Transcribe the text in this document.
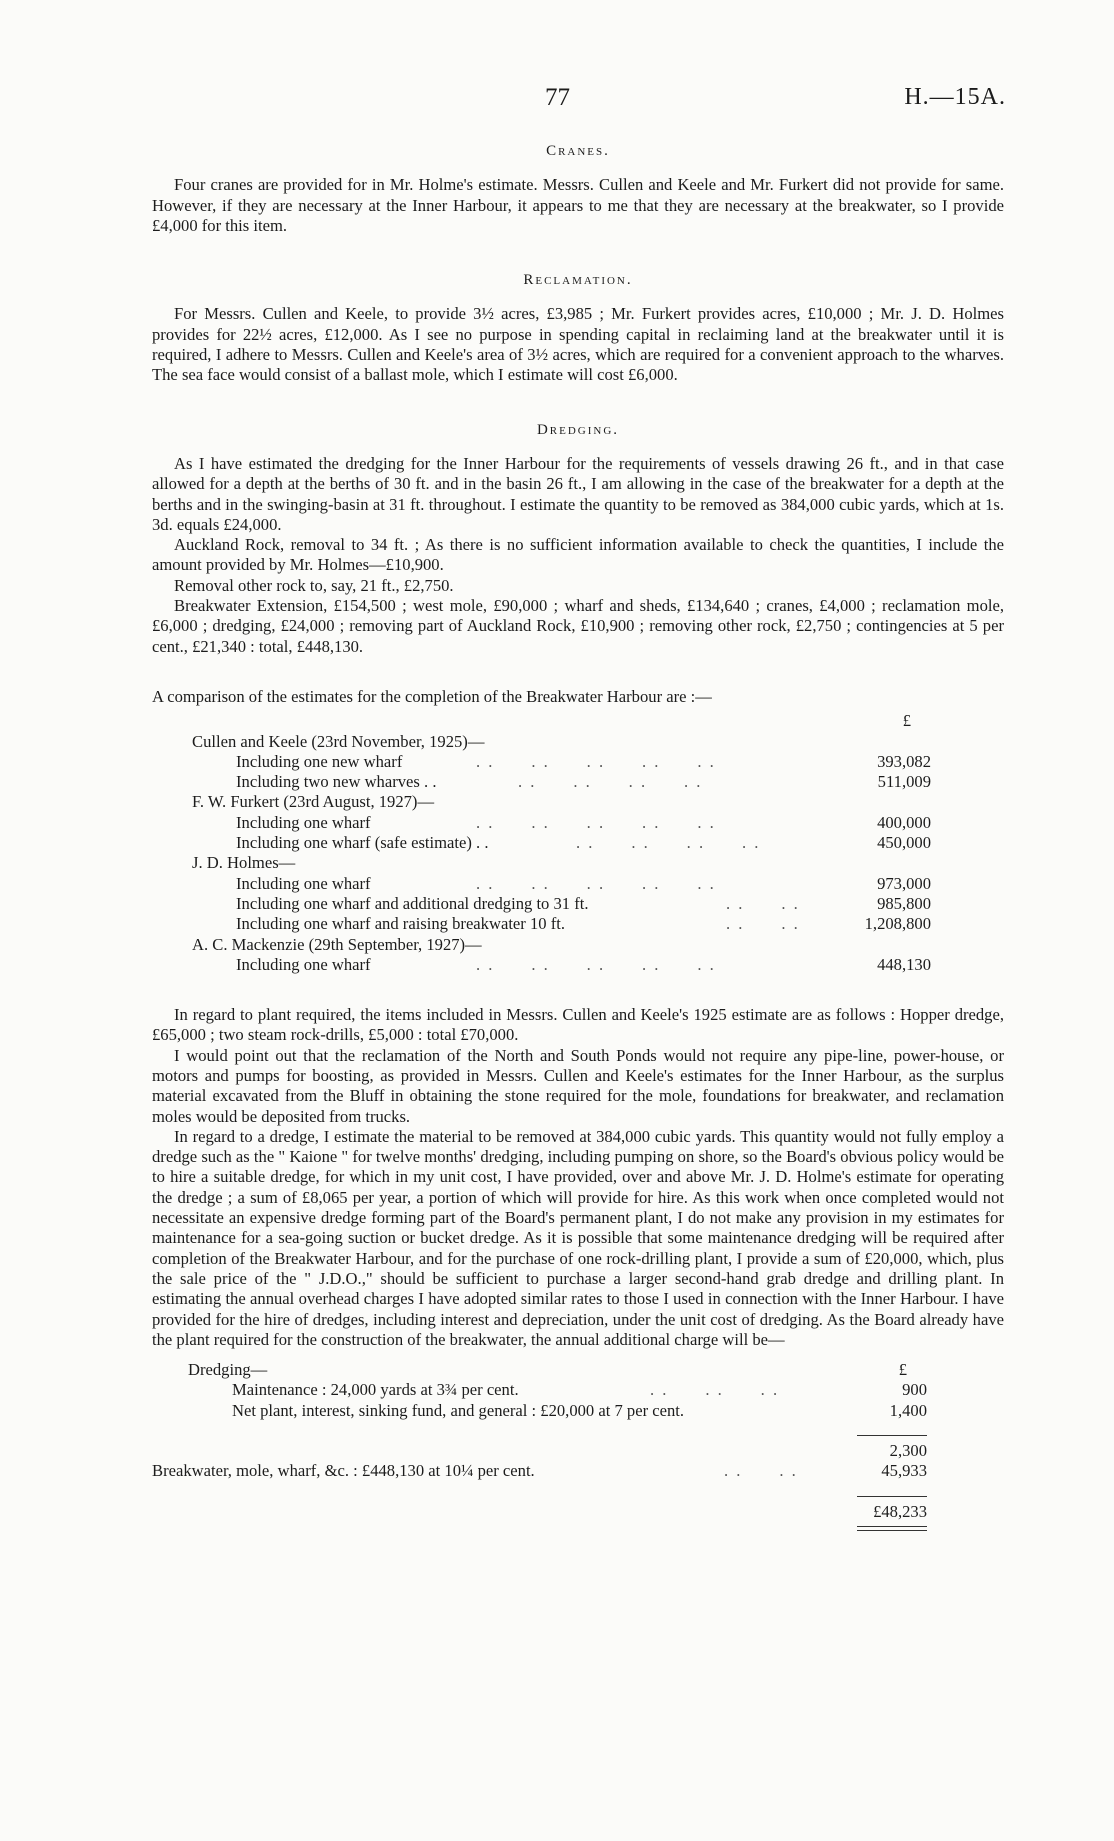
77	H.—15A.

Cranes.

Four cranes are provided for in Mr. Holme's estimate. Messrs. Cullen and Keele and Mr. Furkert did not provide for same. However, if they are necessary at the Inner Harbour, it appears to me that they are necessary at the breakwater, so I provide £4,000 for this item.

Reclamation.

For Messrs. Cullen and Keele, to provide 3½ acres, £3,985 ; Mr. Furkert provides acres, £10,000 ; Mr. J. D. Holmes provides for 22½ acres, £12,000. As I see no purpose in spending capital in reclaiming land at the breakwater until it is required, I adhere to Messrs. Cullen and Keele's area of 3½ acres, which are required for a convenient approach to the wharves. The sea face would consist of a ballast mole, which I estimate will cost £6,000.

Dredging.

As I have estimated the dredging for the Inner Harbour for the requirements of vessels drawing 26 ft., and in that case allowed for a depth at the berths of 30 ft. and in the basin 26 ft., I am allowing in the case of the breakwater for a depth at the berths and in the swinging-basin at 31 ft. throughout. I estimate the quantity to be removed as 384,000 cubic yards, which at 1s. 3d. equals £24,000.

Auckland Rock, removal to 34 ft. ; As there is no sufficient information available to check the quantities, I include the amount provided by Mr. Holmes—£10,900.

Removal other rock to, say, 21 ft., £2,750.

Breakwater Extension, £154,500 ; west mole, £90,000 ; wharf and sheds, £134,640 ; cranes, £4,000 ; reclamation mole, £6,000 ; dredging, £24,000 ; removing part of Auckland Rock, £10,900 ; removing other rock, £2,750 ; contingencies at 5 per cent., £21,340 : total, £448,130.

A comparison of the estimates for the completion of the Breakwater Harbour are :—

£
Cullen and Keele (23rd November, 1925)—
Including one new wharf	. .      . .      . .      . .      . .	393,082
Including two new wharves . .	. .      . .      . .      . .	511,009
F. W. Furkert (23rd August, 1927)—
Including one wharf	. .      . .      . .      . .      . .	400,000
Including one wharf (safe estimate) . .	. .      . .      . .      . .	450,000
J. D. Holmes—
Including one wharf	. .      . .      . .      . .      . .	973,000
Including one wharf and additional dredging to 31 ft.	. .      . .	985,800
Including one wharf and raising breakwater 10 ft.	. .      . .	1,208,800
A. C. Mackenzie (29th September, 1927)—
Including one wharf	. .      . .      . .      . .      . .	448,130

In regard to plant required, the items included in Messrs. Cullen and Keele's 1925 estimate are as follows : Hopper dredge, £65,000 ; two steam rock-drills, £5,000 : total £70,000.

I would point out that the reclamation of the North and South Ponds would not require any pipe-line, power-house, or motors and pumps for boosting, as provided in Messrs. Cullen and Keele's estimates for the Inner Harbour, as the surplus material excavated from the Bluff in obtaining the stone required for the mole, foundations for breakwater, and reclamation moles would be deposited from trucks.

In regard to a dredge, I estimate the material to be removed at 384,000 cubic yards. This quantity would not fully employ a dredge such as the " Kaione " for twelve months' dredging, including pumping on shore, so the Board's obvious policy would be to hire a suitable dredge, for which in my unit cost, I have provided, over and above Mr. J. D. Holme's estimate for operating the dredge ; a sum of £8,065 per year, a portion of which will provide for hire. As this work when once completed would not necessitate an expensive dredge forming part of the Board's permanent plant, I do not make any provision in my estimates for maintenance for a sea-going suction or bucket dredge. As it is possible that some maintenance dredging will be required after completion of the Breakwater Harbour, and for the purchase of one rock-drilling plant, I provide a sum of £20,000, which, plus the sale price of the " J.D.O.," should be sufficient to purchase a larger second-hand grab dredge and drilling plant. In estimating the annual overhead charges I have adopted similar rates to those I used in connection with the Inner Harbour. I have provided for the hire of dredges, including interest and depreciation, under the unit cost of dredging. As the Board already have the plant required for the construction of the breakwater, the annual additional charge will be—

Dredging—	£
Maintenance : 24,000 yards at 3¾ per cent.	. .      . .      . .	900
Net plant, interest, sinking fund, and general : £20,000 at 7 per cent.	1,400
2,300
Breakwater, mole, wharf, &c. : £448,130 at 10¼ per cent.	. .      . .	45,933
£48,233
